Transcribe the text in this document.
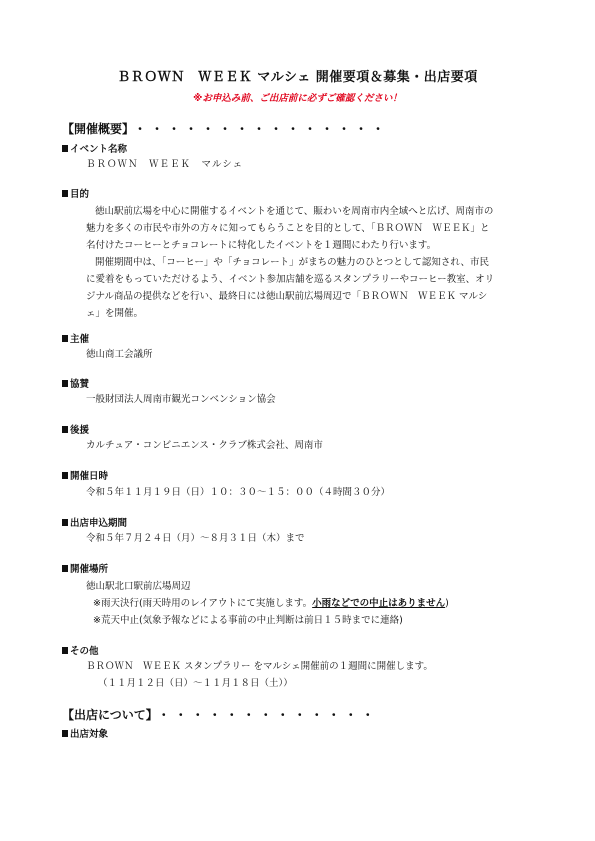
ＢＲＯＷＮ　ＷＥＥＫ マルシェ 開催要項＆募集・出店要項
※お申込み前、ご出店前に必ずご確認ください！
【開催概要】 ・・・・・・・・・・・・・・・
イベント名称
ＢＲＯＷＮ　ＷＥＥＫ　マルシェ
目的
徳山駅前広場を中心に開催するイベントを通じて、賑わいを周南市内全域へと広げ、周南市の
魅力を多くの市民や市外の方々に知ってもらうことを目的として、「ＢＲＯＷＮ　ＷＥＥＫ」と
名付けたコーヒーとチョコレートに特化したイベントを１週間にわたり行います。
開催期間中は、「コーヒー」や「チョコレート」がまちの魅力のひとつとして認知され、市民
に愛着をもっていただけるよう、イベント参加店舗を巡るスタンプラリーやコーヒー教室、オリ
ジナル商品の提供などを行い、最終日には徳山駅前広場周辺で「ＢＲＯＷＮ　ＷＥＥＫ マルシ
ェ」を開催。
主催
徳山商工会議所
協賛
一般財団法人周南市観光コンベンション協会
後援
カルチュア・コンビニエンス・クラブ株式会社、周南市
開催日時
令和５年１１月１９日（日）１０：３０～１５：００（４時間３０分）
出店申込期間
令和５年７月２４日（月）～８月３１日（木）まで
開催場所
徳山駅北口駅前広場周辺
※雨天決行(雨天時用のレイアウトにて実施します。小雨などでの中止はありません)
※荒天中止(気象予報などによる事前の中止判断は前日１５時までに連絡)
その他
ＢＲＯＷＮ　ＷＥＥＫ スタンプラリー をマルシェ開催前の１週間に開催します。
（１１月１２日（日）～１１月１８日（土））
【出店について】 ・・・・・・・・・・・・・
出店対象
